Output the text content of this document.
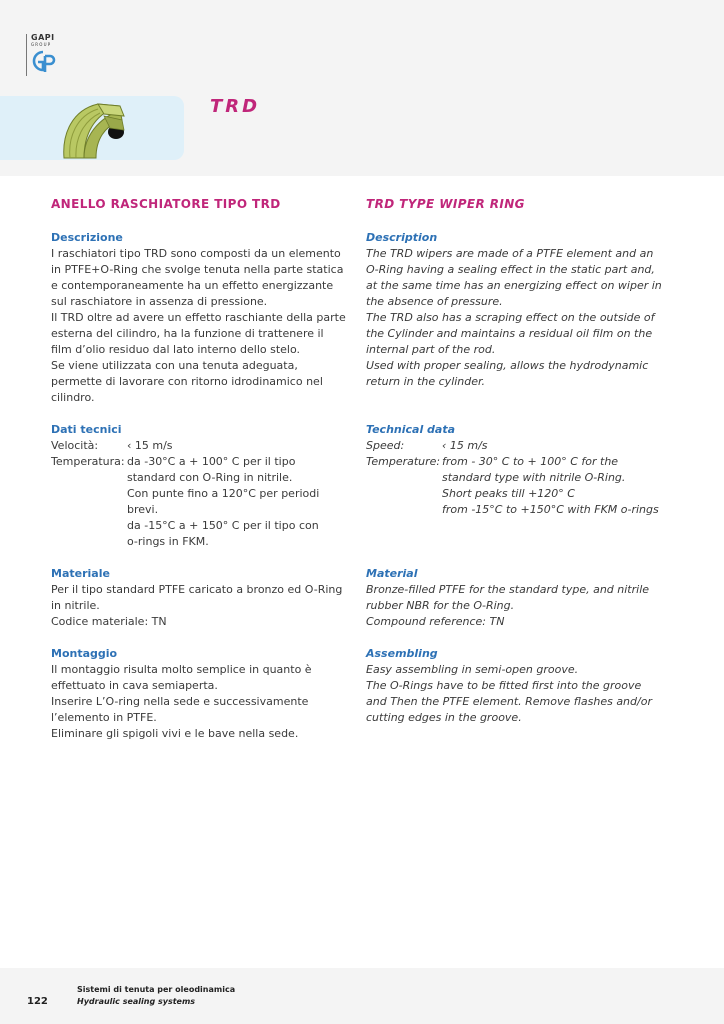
GAPI
GROUP
TRD
ANELLO RASCHIATORE TIPO TRD
Descrizione

I raschiatori tipo TRD sono composti da un elemento
in PTFE+O-Ring che svolge tenuta nella parte statica
e contemporaneamente ha un effetto energizzante
sul raschiatore in assenza di pressione.
Il TRD oltre ad avere un effetto raschiante della parte
esterna del cilindro, ha la funzione di trattenere il
film d’olio residuo dal lato interno dello stelo.
Se viene utilizzata con una tenuta adeguata,
permette di lavorare con ritorno idrodinamico nel
cilindro.

Dati tecnici
Velocità:	‹ 15 m/s
Temperatura: da -30°C a + 100° C per il tipo
standard con O-Ring in nitrile.
Con punte fino a 120°C per periodi
brevi.
da -15°C a + 150° C per il tipo con
o-rings in FKM.
Materiale

Per il tipo standard PTFE caricato a bronzo ed O-Ring
in nitrile.
Codice materiale: TN

Montaggio

Il montaggio risulta molto semplice in quanto è
effettuato in cava semiaperta.
Inserire L’O-ring nella sede e successivamente
l’elemento in PTFE.
Eliminare gli spigoli vivi e le bave nella sede.

TRD TYPE WIPER RING
Description

The TRD wipers are made of a PTFE element and an
O-Ring having a sealing effect in the static part and,
at the same time has an energizing effect on wiper in
the absence of pressure.
The TRD also has a scraping effect on the outside of
the Cylinder and maintains a residual oil film on the
internal part of the rod.
Used with proper sealing, allows the hydrodynamic
return in the cylinder.

Technical data
Speed:	‹ 15 m/s
Temperature: from - 30° C to + 100° C for the
standard type with nitrile O-Ring.
Short peaks till +120° C
from -15°C to +150°C with FKM o-rings
Material

Bronze-filled PTFE for the standard type, and nitrile
rubber NBR for the O-Ring.
Compound reference: TN

Assembling

Easy assembling in semi-open groove.
The O-Rings have to be fitted first into the groove
and Then the PTFE element. Remove flashes and/or
cutting edges in the groove.

122
Sistemi di tenuta per oleodinamica
Hydraulic sealing systems
